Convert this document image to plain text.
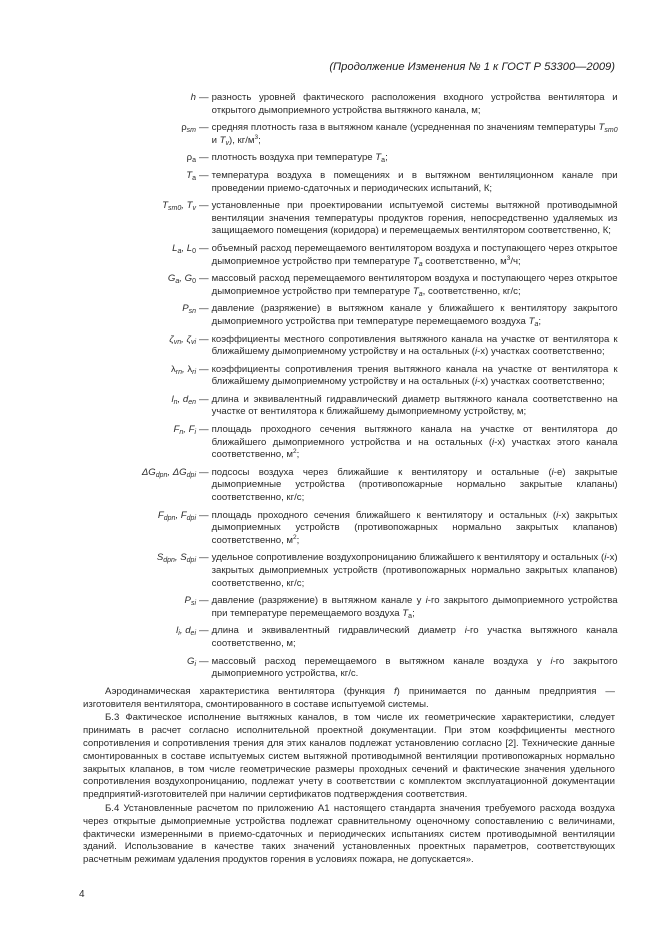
(Продолжение Изменения № 1 к ГОСТ Р 53300—2009)
h — разность уровней фактического расположения входного устройства вентилятора и открытого дымоприемного устройства вытяжного канала, м;
$\rho_{sm}$ — средняя плотность газа в вытяжном канале (усредненная по значениям температуры $T_{sm0}$ и $T_v$), $кг/м^3$;
$\rho_a$ — плотность воздуха при температуре $T_a$;
$T_a$ — температура воздуха в помещениях и в вытяжном вентиляционном канале при проведении приемо-сдаточных и периодических испытаний, К;
$T_{sm0}$, $T_v$ — установленные при проектировании испытуемой системы вытяжной противодымной вентиляции значения температуры продуктов горения, непосредственно удаляемых из защищаемого помещения (коридора) и перемещаемых вентилятором соответственно, К;
$L_a$, $L_0$ — объемный расход перемещаемого вентилятором воздуха и поступающего через открытое дымоприемное устройство при температуре $T_a$ соответственно, $м^3/ч$;
$G_a$, $G_0$ — массовый расход перемещаемого вентилятором воздуха и поступающего через открытое дымоприемное устройство при температуре $T_a$, соответственно, кг/с;
$P_{sn}$ — давление (разряжение) в вытяжном канале у ближайшего к вентилятору закрытого дымоприемного устройства при температуре перемещаемого воздуха $T_a$;
$\zeta_{vn}$, $\zeta_{vi}$ — коэффициенты местного сопротивления вытяжного канала на участке от вентилятора к ближайшему дымоприемному устройству и на остальных (i-х) участках соответственно;
$\lambda_{rn}$, $\lambda_{ri}$ — коэффициенты сопротивления трения вытяжного канала на участке от вентилятора к ближайшему дымоприемному устройству и на остальных (i-х) участках соответственно;
$l_n$, $d_{en}$ — длина и эквивалентный гидравлический диаметр вытяжного канала соответственно на участке от вентилятора к ближайшему дымоприемному устройству, м;
$F_n$, $F_i$ — площадь проходного сечения вытяжного канала на участке от вентилятора до ближайшего дымоприемного устройства и на остальных (i-х) участках этого канала соответственно, $м^2$;
$\Delta G_{dpn}$, $\Delta G_{dpi}$ — подсосы воздуха через ближайшие к вентилятору и остальные (i-е) закрытые дымоприемные устройства (противопожарные нормально закрытые клапаны) соответственно, кг/с;
$F_{dpn}$, $F_{dpi}$ — площадь проходного сечения ближайшего к вентилятору и остальных (i-х) закрытых дымоприемных устройств (противопожарных нормально закрытых клапанов) соответственно, $м^2$;
$S_{dpn}$, $S_{dpi}$ — удельное сопротивление воздухопроницанию ближайшего к вентилятору и остальных (i-х) закрытых дымоприемных устройств (противопожарных нормально закрытых клапанов) соответственно, кг/с;
$P_{si}$ — давление (разряжение) в вытяжном канале у i-го закрытого дымоприемного устройства при температуре перемещаемого воздуха $T_a$;
$l_i$, $d_{ei}$ — длина и эквивалентный гидравлический диаметр i-го участка вытяжного канала соответственно, м;
$G_i$ — массовый расход перемещаемого в вытяжном канале воздуха у i-го закрытого дымоприемного устройства, кг/с.

Аэродинамическая характеристика вентилятора (функция f) принимается по данным предприятия — изготовителя вентилятора, смонтированного в составе испытуемой системы.

Б.3 Фактическое исполнение вытяжных каналов, в том числе их геометрические характеристики, следует принимать в расчет согласно исполнительной проектной документации. При этом коэффициенты местного сопротивления и сопротивления трения для этих каналов подлежат установлению согласно [2]. Технические данные смонтированных в составе испытуемых систем вытяжной противодымной вентиляции противопожарных нормально закрытых клапанов, в том числе геометрические размеры проходных сечений и фактические значения удельного сопротивления воздухопроницанию, подлежат учету в соответствии с комплектом эксплуатационной документации предприятий-изготовителей при наличии сертификатов подтверждения соответствия.

Б.4 Установленные расчетом по приложению А1 настоящего стандарта значения требуемого расхода воздуха через открытые дымоприемные устройства подлежат сравнительному оценочному сопоставлению с величинами, фактически измеренными в приемо-сдаточных и периодических испытаниях систем противодымной вентиляции зданий. Использование в качестве таких значений установленных проектных параметров, соответствующих расчетным режимам удаления продуктов горения в условиях пожара, не допускается».

4
